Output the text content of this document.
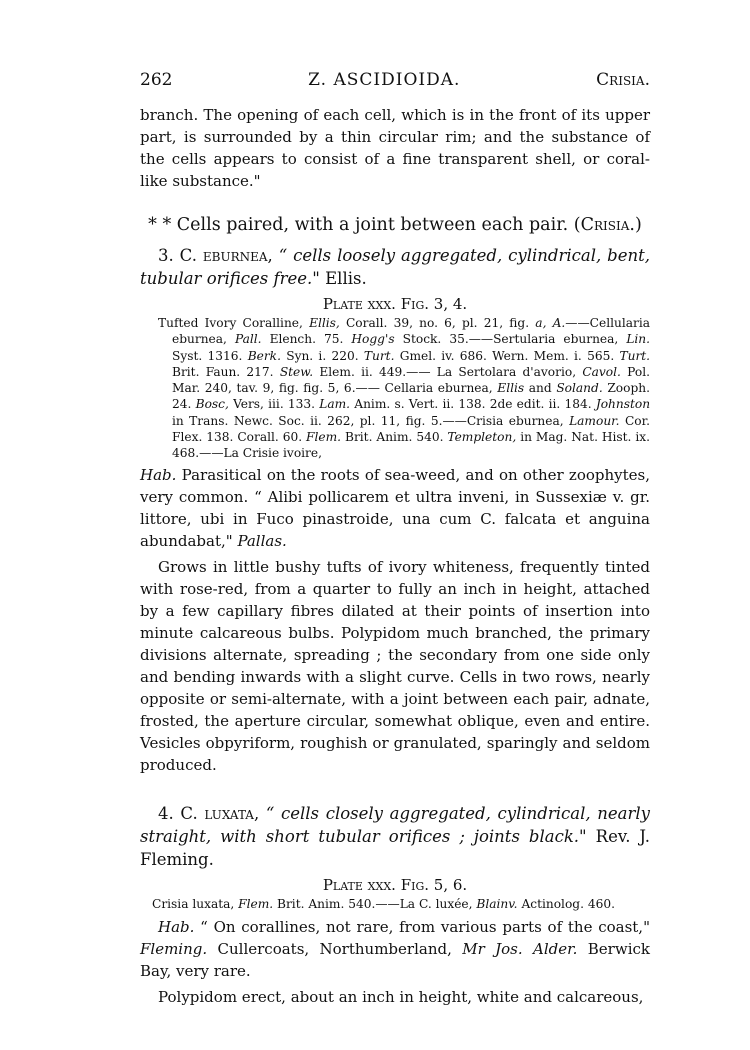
262	Z. ASCIDIOIDA.	Crisia.

branch. The opening of each cell, which is in the front of its upper part, is surrounded by a thin circular rim; and the substance of the cells appears to consist of a fine transparent shell, or coral-like substance."

* * Cells paired, with a joint between each pair. (Crisia.)

3. C. eburnea, “ cells loosely aggregated, cylindrical, bent, tubular orifices free." Ellis.

Plate xxx. Fig. 3, 4.

Tufted Ivory Coralline, Ellis, Corall. 39, no. 6, pl. 21, fig. a, A.——Cellularia eburnea, Pall. Elench. 75. Hogg's Stock. 35.——Sertularia eburnea, Lin. Syst. 1316. Berk. Syn. i. 220. Turt. Gmel. iv. 686. Wern. Mem. i. 565. Turt. Brit. Faun. 217. Stew. Elem. ii. 449.—— La Sertolara d'avorio, Cavol. Pol. Mar. 240, tav. 9, fig. fig. 5, 6.—— Cellaria eburnea, Ellis and Soland. Zooph. 24. Bosc, Vers, iii. 133. Lam. Anim. s. Vert. ii. 138. 2de edit. ii. 184. Johnston in Trans. Newc. Soc. ii. 262, pl. 11, fig. 5.——Crisia eburnea, Lamour. Cor. Flex. 138. Corall. 60. Flem. Brit. Anim. 540. Templeton, in Mag. Nat. Hist. ix. 468.——La Crisie ivoire,

Hab. Parasitical on the roots of sea-weed, and on other zoophytes, very common. “ Alibi pollicarem et ultra inveni, in Sussexiæ v. gr. littore, ubi in Fuco pinastroide, una cum C. falcata et anguina abundabat," Pallas.

Grows in little bushy tufts of ivory whiteness, frequently tinted with rose-red, from a quarter to fully an inch in height, attached by a few capillary fibres dilated at their points of insertion into minute calcareous bulbs. Polypidom much branched, the primary divisions alternate, spreading ; the secondary from one side only and bending inwards with a slight curve. Cells in two rows, nearly opposite or semi-alternate, with a joint between each pair, adnate, frosted, the aperture circular, somewhat oblique, even and entire. Vesicles obpyriform, roughish or granulated, sparingly and seldom produced.

4. C. luxata, “ cells closely aggregated, cylindrical, nearly straight, with short tubular orifices ; joints black." Rev. J. Fleming.

Plate xxx. Fig. 5, 6.

Crisia luxata, Flem. Brit. Anim. 540.——La C. luxée, Blainv. Actinolog. 460.

Hab. “ On corallines, not rare, from various parts of the coast," Fleming. Cullercoats, Northumberland, Mr Jos. Alder. Berwick Bay, very rare.

Polypidom erect, about an inch in height, white and calcareous,
